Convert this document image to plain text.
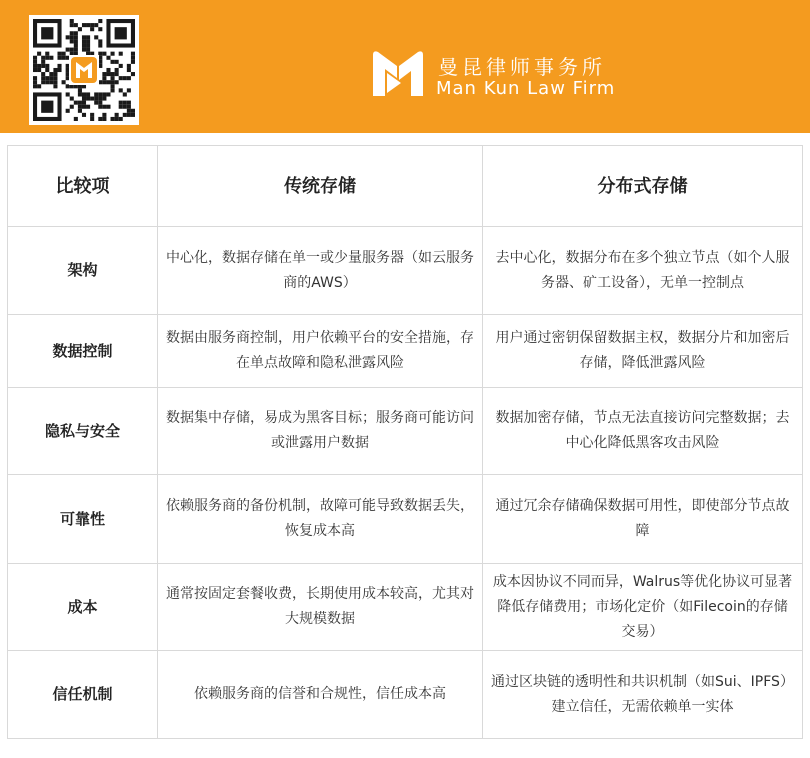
曼昆律师事务所
Man Kun Law Firm
比较项	传统存储	分布式存储
架构	中心化，数据存储在单一或少量服务器（如云服务商的AWS）	去中心化，数据分布在多个独立节点（如个人服务器、矿工设备），无单一控制点
数据控制	数据由服务商控制，用户依赖平台的安全措施，存在单点故障和隐私泄露风险	用户通过密钥保留数据主权，数据分片和加密后存储，降低泄露风险
隐私与安全	数据集中存储，易成为黑客目标；服务商可能访问或泄露用户数据	数据加密存储，节点无法直接访问完整数据；去中心化降低黑客攻击风险
可靠性	依赖服务商的备份机制，故障可能导致数据丢失，恢复成本高	通过冗余存储确保数据可用性，即使部分节点故障
成本	通常按固定套餐收费，长期使用成本较高，尤其对大规模数据	成本因协议不同而异，Walrus等优化协议可显著降低存储费用；市场化定价（如Filecoin的存储交易）
信任机制	依赖服务商的信誉和合规性，信任成本高	通过区块链的透明性和共识机制（如Sui、IPFS）建立信任，无需依赖单一实体
